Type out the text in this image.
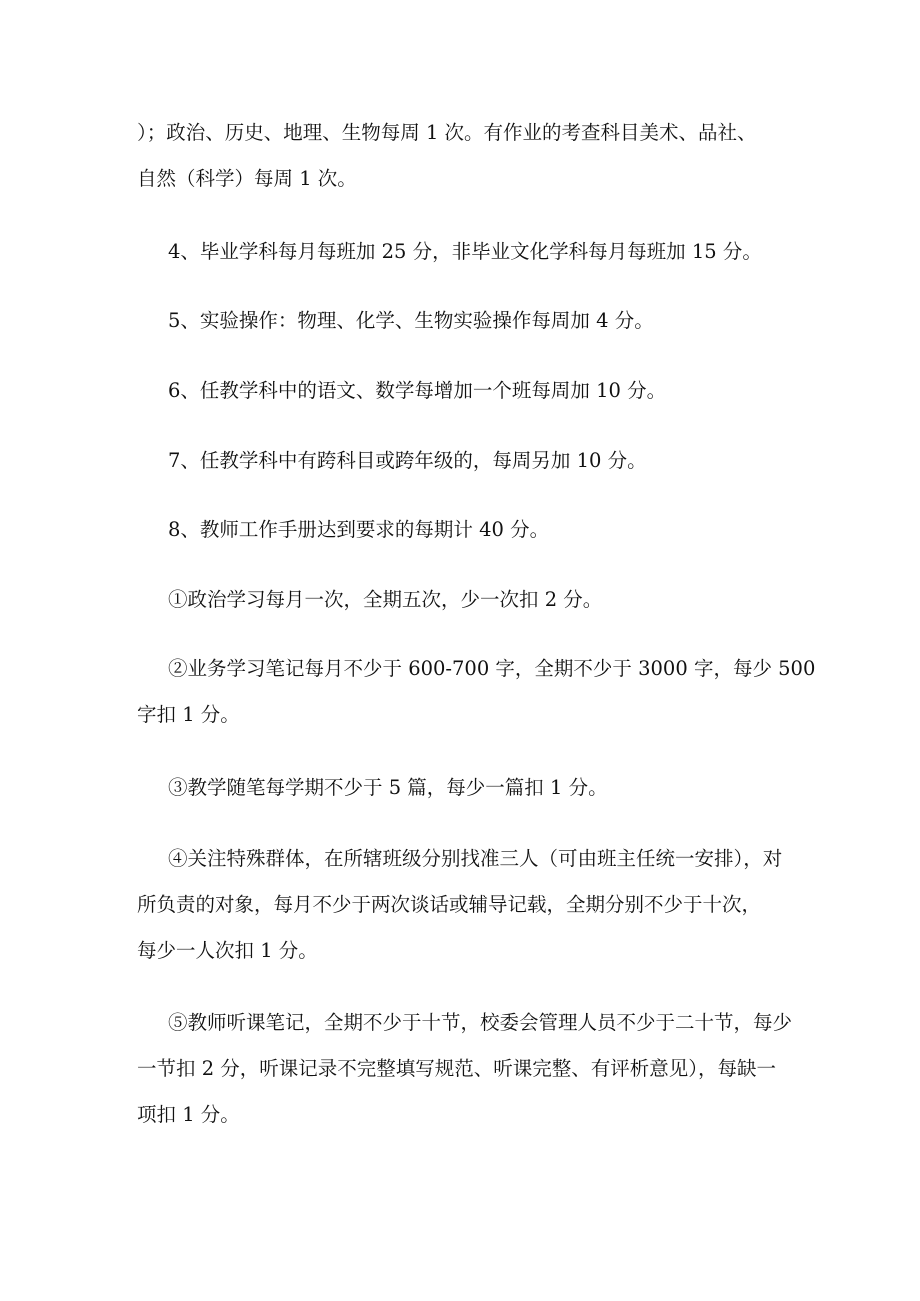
）；政治、历史、地理、生物每周 1 次。有作业的考查科目美术、品社、
自然（科学）每周 1 次。
4、毕业学科每月每班加 25 分，非毕业文化学科每月每班加 15 分。
5、实验操作：物理、化学、生物实验操作每周加 4 分。
6、任教学科中的语文、数学每增加一个班每周加 10 分。
7、任教学科中有跨科目或跨年级的，每周另加 10 分。
8、教师工作手册达到要求的每期计 40 分。
①政治学习每月一次，全期五次，少一次扣 2 分。
②业务学习笔记每月不少于 600-700 字，全期不少于 3000 字，每少 500
字扣 1 分。
③教学随笔每学期不少于 5 篇，每少一篇扣 1 分。
④关注特殊群体，在所辖班级分别找准三人（可由班主任统一安排），对
所负责的对象，每月不少于两次谈话或辅导记载，全期分别不少于十次，
每少一人次扣 1 分。
⑤教师听课笔记，全期不少于十节，校委会管理人员不少于二十节，每少
一节扣 2 分，听课记录不完整填写规范、听课完整、有评析意见），每缺一
项扣 1 分。
